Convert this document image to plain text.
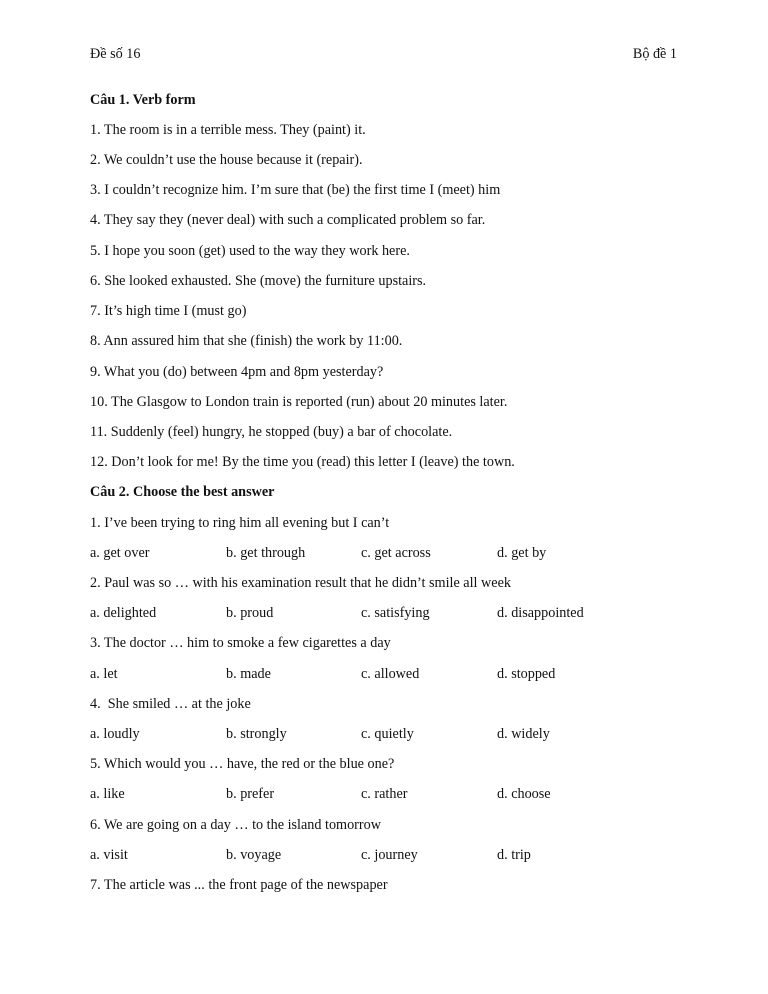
Đề số 16	Bộ đề 1
Câu 1. Verb form
1. The room is in a terrible mess. They (paint) it.
2. We couldn’t use the house because it (repair).
3. I couldn’t recognize him. I’m sure that (be) the first time I (meet) him
4. They say they (never deal) with such a complicated problem so far.
5. I hope you soon (get) used to the way they work here.
6. She looked exhausted. She (move) the furniture upstairs.
7. It’s high time I (must go)
8. Ann assured him that she (finish) the work by 11:00.
9. What you (do) between 4pm and 8pm yesterday?
10. The Glasgow to London train is reported (run) about 20 minutes later.
11. Suddenly (feel) hungry, he stopped (buy) a bar of chocolate.
12. Don’t look for me! By the time you (read) this letter I (leave) the town.
Câu 2. Choose the best answer
1. I’ve been trying to ring him all evening but I can’t
a. get over	b. get through	c. get across	d. get by
2. Paul was so … with his examination result that he didn’t smile all week
a. delighted	b. proud	c. satisfying	d. disappointed
3. The doctor … him to smoke a few cigarettes a day
a. let	b. made	c. allowed	d. stopped
4.  She smiled … at the joke
a. loudly	b. strongly	c. quietly	d. widely
5. Which would you … have, the red or the blue one?
a. like	b. prefer	c. rather	d. choose
6. We are going on a day … to the island tomorrow
a. visit	b. voyage	c. journey	d. trip
7. The article was ... the front page of the newspaper
